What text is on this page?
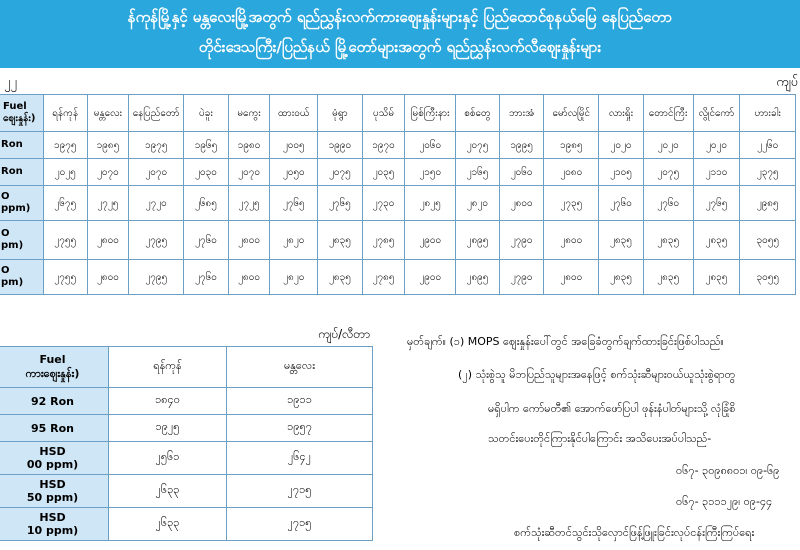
န်ကုန်မြို့နှင့် မန္တလေးမြို့အတွက် ရည်ညွှန်းလက်ကားဈေးနှုန်းများနှင့် ပြည်ထောင်စုနယ်မြေ နေပြည်တော
တိုင်းဒေသကြီး/ပြည်နယ် မြို့တော်များအတွက် ရည်ညွှန်းလက်လီဈေးနှုန်းများ
၂၂	ကျပ်
Fuel
ဈေးနှုန်း)	ရန်ကုန်	မန္တလေး	နေပြည်တော်	ပဲခူး	မကွေး	ထားဝယ်	မုံရွာ	ပုသိမ်	မြစ်ကြီးနား	စစ်တွေ	ဘားအံ	မော်လမြိုင်	လားရှိုး	တောင်ကြီး	လွိုင်ကော်	ဟားခါး

Ron	၁၉၇၅	၁၉၈၅	၁၉၇၅	၁၉၆၅	၁၉၈၀	၂၀၀၅	၁၉၉၀	၁၉၇၀	၂၀၆၀	၂၀၇၅	၁၉၉၅	၁၉၈၅	၂၀၂၀	၂၀၂၀	၂၀၂၀	၂၂၆၀

Ron	၂၀၂၅	၂၀၇၀	၂၀၇၀	၂၀၃၀	၂၀၇၀	၂၀၅၀	၂၀၇၅	၂၀၃၅	၂၁၅၀	၂၁၆၅	၂၀၆၀	၂၀၈၀	၂၁၀၅	၂၀၇၅	၂၁၁၀	၂၃၇၅

O
ppm)	၂၆၇၅	၂၇၂၅	၂၇၂၀	၂၆၈၅	၂၇၂၅	၂၇၆၅	၂၇၆၅	၂၇၃၀	၂၈၂၅	၂၈၂၀	၂၈၀၀	၂၇၃၅	၂၇၆၀	၂၇၆၀	၂၇၆၅	၂၉၈၅

O
pm)	၂၇၅၅	၂၈၀၀	၂၇၉၅	၂၇၆၀	၂၈၀၀	၂၈၂၀	၂၈၃၅	၂၇၈၅	၂၉၀၀	၂၈၉၅	၂၇၉၀	၂၈၀၀	၂၈၃၅	၂၈၃၅	၂၈၃၅	၃၀၅၅

O
pm)	၂၇၅၅	၂၈၀၀	၂၇၉၅	၂၇၆၀	၂၈၀၀	၂၈၂၀	၂၈၃၅	၂၇၈၅	၂၉၀၀	၂၈၉၅	၂၇၉၀	၂၈၀၀	၂၈၃၅	၂၈၃၅	၂၈၃၅	၃၀၅၅
ကျပ်/လီတာ
Fuel
ကားဈေးနှုန်း)	ရန်ကုန်	မန္တလေး

92 Ron	၁၈၄၀	၁၉၁၁

95 Ron	၁၉၂၅	၁၉၅၇

HSD
00 ppm)	၂၅၆၁	၂၆၄၂

HSD
50 ppm)	၂၆၃၃	၂၇၁၅

HSD
10 ppm)	၂၆၃၃	၂၇၁၅
မှတ်ချက်။ (၁) MOPS ဈေးနှုန်းပေါ်တွင် အခြေခံတွက်ချက်ထားခြင်းဖြစ်ပါသည်။
(၂) သုံးစွဲသူ မိဘပြည်သူများအနေဖြင့် စက်သုံးဆီများဝယ်ယူသုံးစွဲရာတွ
မရှိပါက ကော်မတီ၏ အောက်ဖော်ပြပါ ဖုန်းနံပါတ်များသို့ လုံခြုံစိ
သတင်းပေးတိုင်ကြားနိုင်ပါကြောင်း အသိပေးအပ်ပါသည်-
၀၆၇- ၃၀၉၈၈၀၁၊ ၀၉-၆၉
၀၆၇- ၃၁၁၁၂၉၊ ၀၉-၄၄
စက်သုံးဆီတင်သွင်းသိုလှောင်ဖြန့်ဖြူးခြင်းလုပ်ငန်းကြီးကြပ်ရေး
